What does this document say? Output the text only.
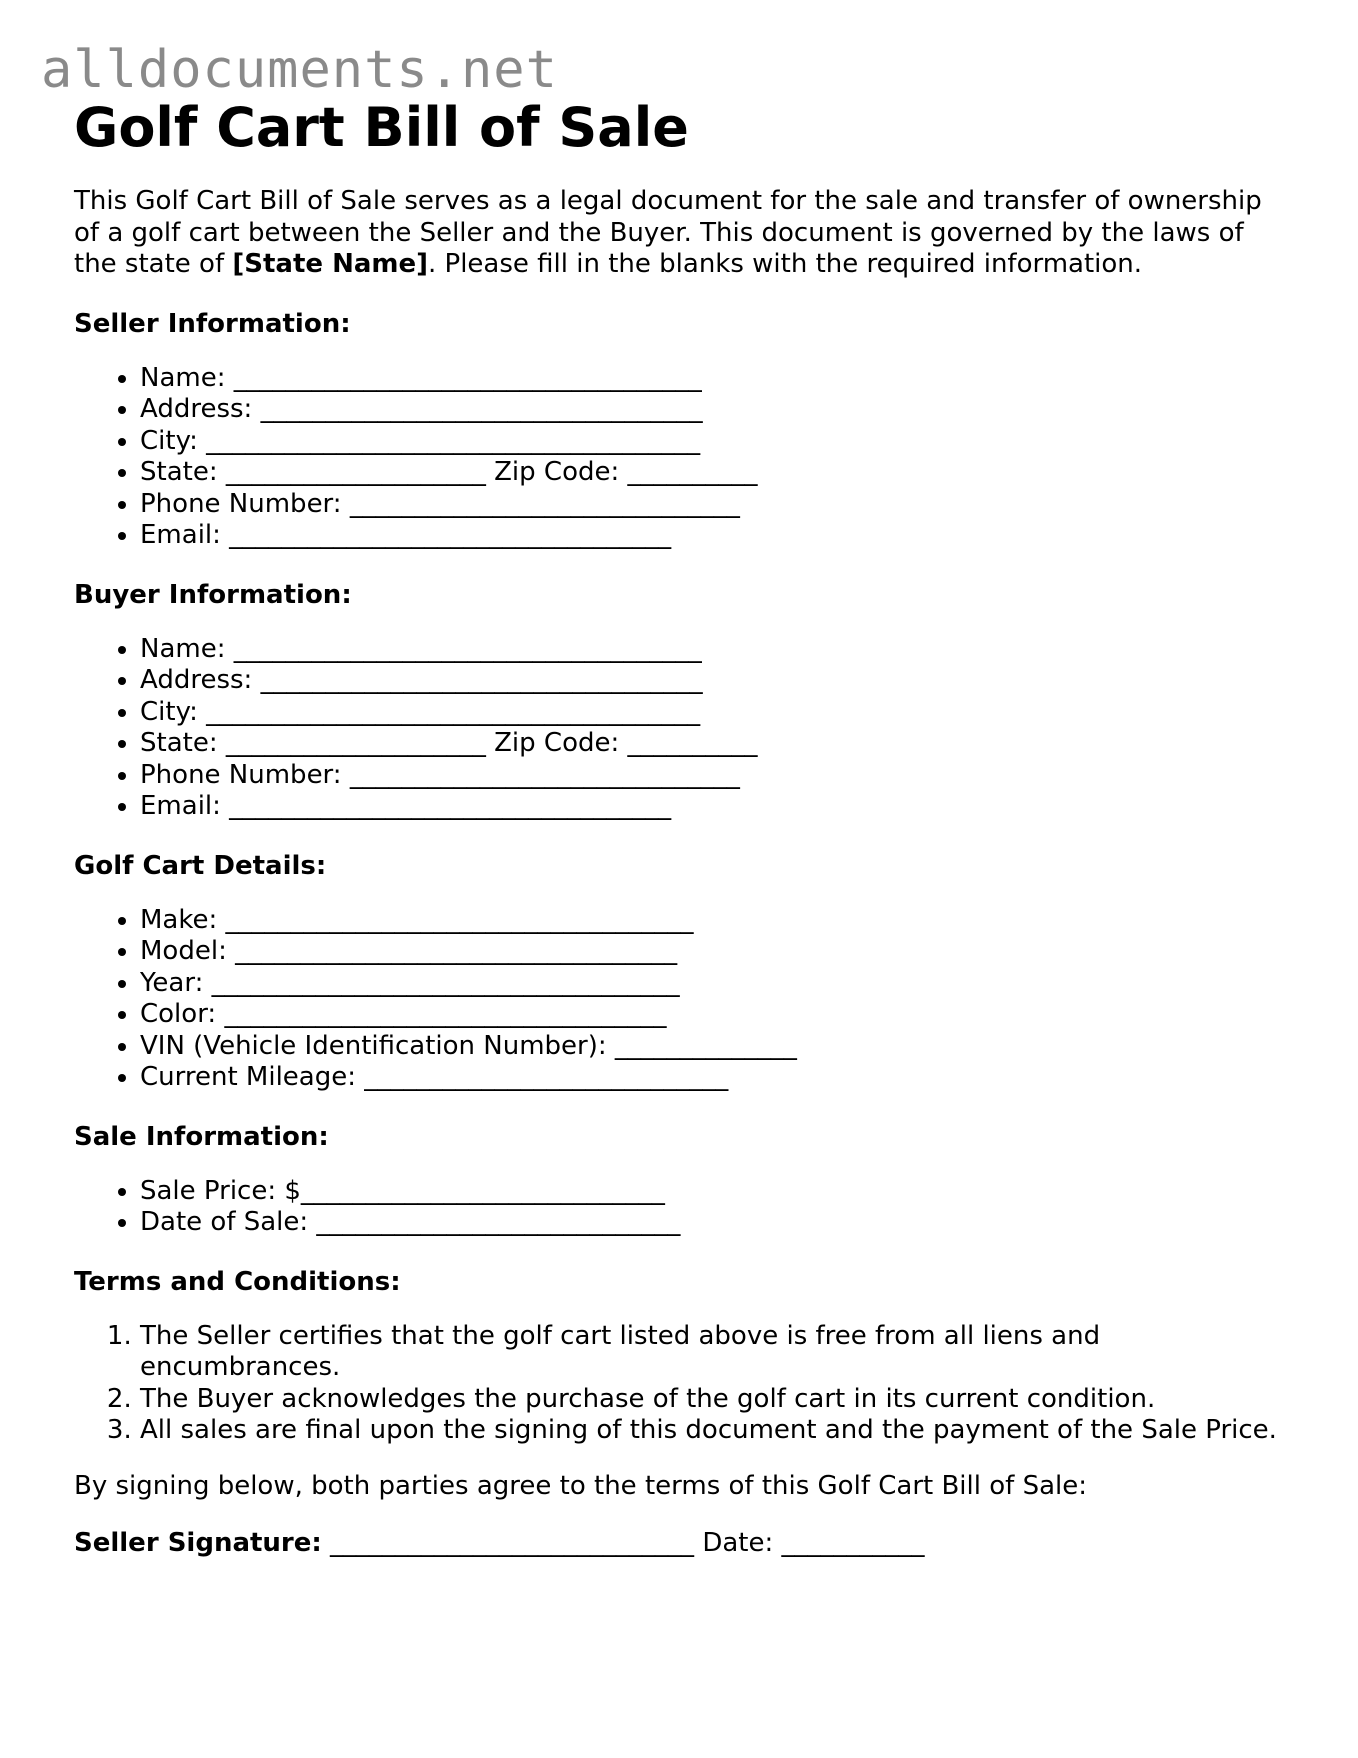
alldocuments.net

Golf Cart Bill of Sale

This Golf Cart Bill of Sale serves as a legal document for the sale and transfer of ownership of a golf cart between the Seller and the Buyer. This document is governed by the laws of the state of [State Name]. Please fill in the blanks with the required information.

Seller Information:
• Name: ____________________________________
• Address: __________________________________
• City: ______________________________________
• State: ____________________ Zip Code: __________
• Phone Number: ______________________________
• Email: __________________________________
Buyer Information:
• Name: ____________________________________
• Address: __________________________________
• City: ______________________________________
• State: ____________________ Zip Code: __________
• Phone Number: ______________________________
• Email: __________________________________
Golf Cart Details:
• Make: ____________________________________
• Model: __________________________________
• Year: ____________________________________
• Color: __________________________________
• VIN (Vehicle Identification Number): ______________
• Current Mileage: ____________________________
Sale Information:
• Sale Price: $____________________________
• Date of Sale: ____________________________
Terms and Conditions:
1. The Seller certifies that the golf cart listed above is free from all liens and encumbrances.
2. The Buyer acknowledges the purchase of the golf cart in its current condition.
3. All sales are final upon the signing of this document and the payment of the Sale Price.

By signing below, both parties agree to the terms of this Golf Cart Bill of Sale:

Seller Signature: ____________________________ Date: ___________
